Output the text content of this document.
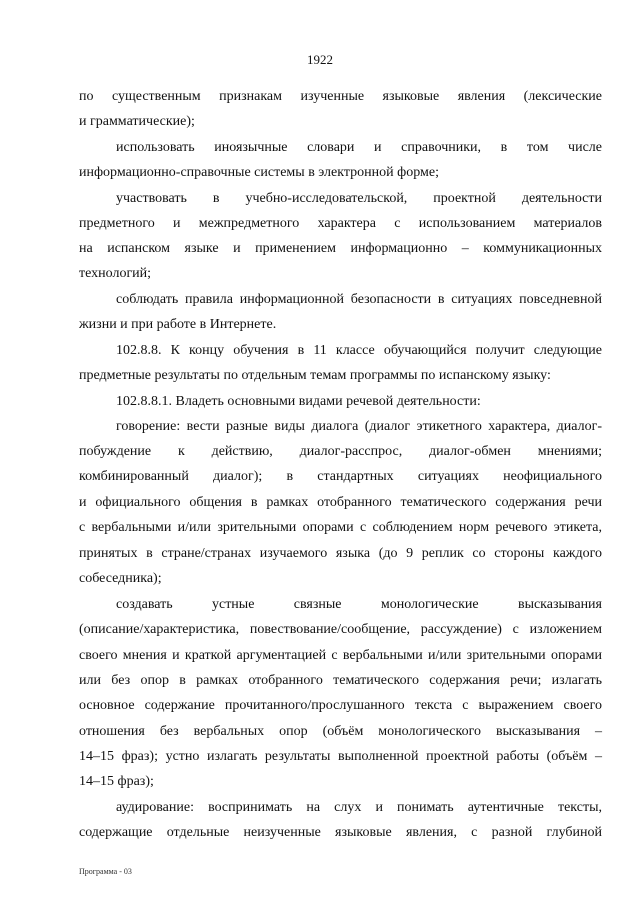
1922
по существенным признакам изученные языковые явления (лексические
и грамматические);
использовать иноязычные словари и справочники, в том числе
информационно-справочные системы в электронной форме;
участвовать в учебно-исследовательской, проектной деятельности
предметного и межпредметного характера с использованием материалов
на испанском языке и применением информационно – коммуникационных
технологий;
соблюдать правила информационной безопасности в ситуациях повседневной
жизни и при работе в Интернете.
102.8.8. К концу обучения в 11 классе обучающийся получит следующие
предметные результаты по отдельным темам программы по испанскому языку:
102.8.8.1. Владеть основными видами речевой деятельности:
говорение: вести разные виды диалога (диалог этикетного характера, диалог-
побуждение к действию, диалог-расспрос, диалог-обмен мнениями;
комбинированный диалог); в стандартных ситуациях неофициального
и официального общения в рамках отобранного тематического содержания речи
с вербальными и/или зрительными опорами с соблюдением норм речевого этикета,
принятых в стране/странах изучаемого языка (до 9 реплик со стороны каждого
собеседника);
создавать устные связные монологические высказывания
(описание/характеристика, повествование/сообщение, рассуждение) с изложением
своего мнения и краткой аргументацией с вербальными и/или зрительными опорами
или без опор в рамках отобранного тематического содержания речи; излагать
основное содержание прочитанного/прослушанного текста с выражением своего
отношения без вербальных опор (объём монологического высказывания –
14–15 фраз); устно излагать результаты выполненной проектной работы (объём –
14–15 фраз);
аудирование: воспринимать на слух и понимать аутентичные тексты,
содержащие отдельные неизученные языковые явления, с разной глубиной
Программа - 03
